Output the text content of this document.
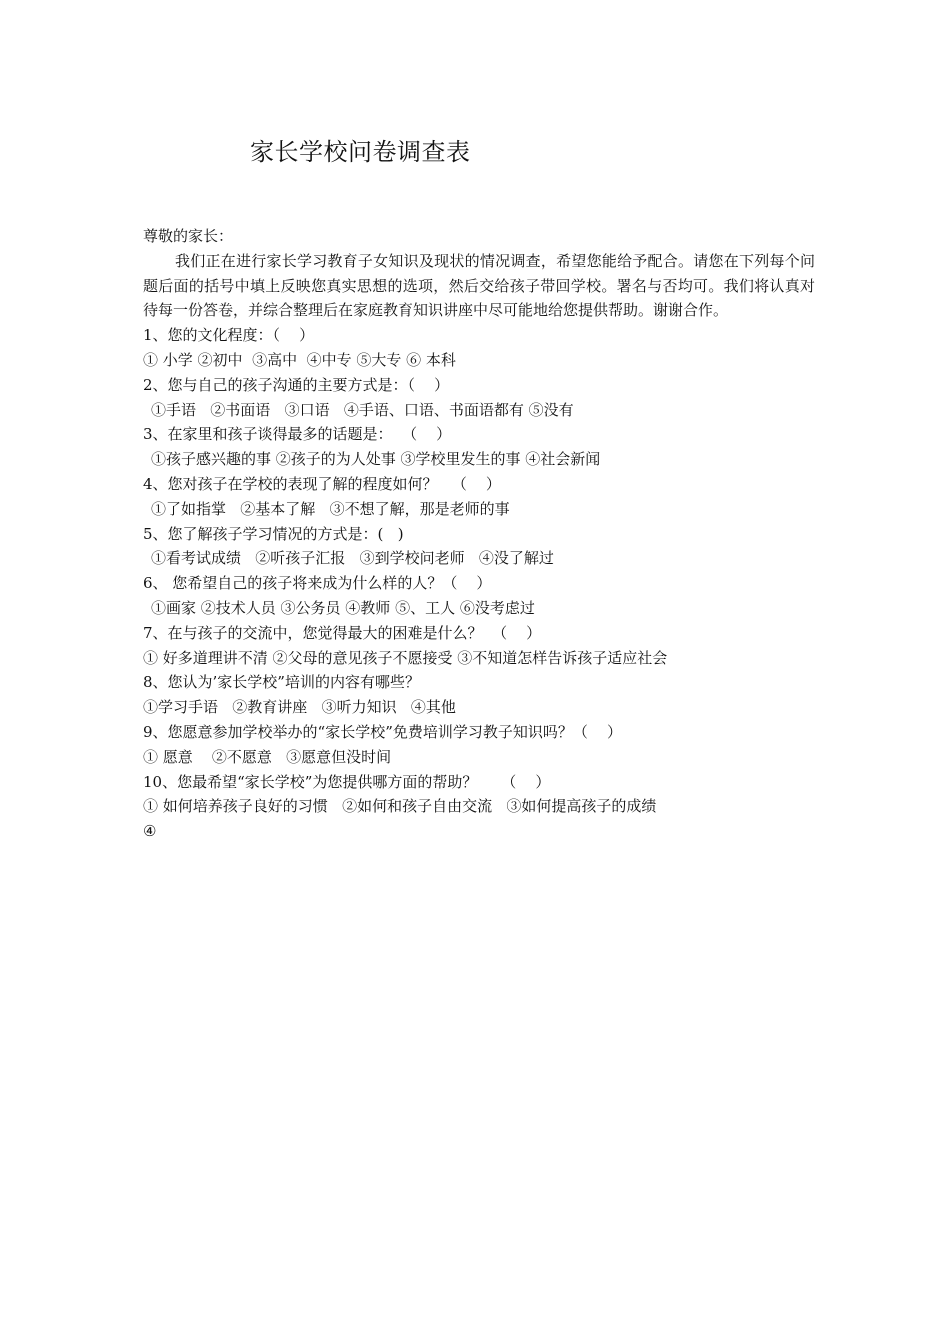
家长学校问卷调查表
尊敬的家长：
我们正在进行家长学习教育子女知识及现状的情况调查，希望您能给予配合。请您在下列每个问题后面的括号中填上反映您真实思想的选项，然后交给孩子带回学校。署名与否均可。我们将认真对待每一份答卷，并综合整理后在家庭教育知识讲座中尽可能地给您提供帮助。谢谢合作。
1、您的文化程度：（    ）
① 小学 ②初中  ③高中  ④中专 ⑤大专 ⑥ 本科
2、您与自己的孩子沟通的主要方式是：（    ）
①手语   ②书面语   ③口语   ④手语、口语、书面语都有 ⑤没有
3、在家里和孩子谈得最多的话题是：  （    ）
①孩子感兴趣的事 ②孩子的为人处事 ③学校里发生的事 ④社会新闻
4、您对孩子在学校的表现了解的程度如何？   （    ）
①了如指掌   ②基本了解   ③不想了解，那是老师的事
5、您了解孩子学习情况的方式是：(   )
①看考试成绩   ②听孩子汇报   ③到学校问老师   ④没了解过
6、 您希望自己的孩子将来成为什么样的人？（    ）
①画家 ②技术人员 ③公务员 ④教师 ⑤、工人 ⑥没考虑过
7、在与孩子的交流中，您觉得最大的困难是什么？  （    ）
① 好多道理讲不清 ②父母的意见孩子不愿接受 ③不知道怎样告诉孩子适应社会
8、您认为’家长学校”培训的内容有哪些？
①学习手语   ②教育讲座   ③听力知识   ④其他
9、您愿意参加学校举办的“家长学校”免费培训学习教子知识吗？（    ）
① 愿意    ②不愿意   ③愿意但没时间
10、您最希望“家长学校”为您提供哪方面的帮助？     （    ）
① 如何培养孩子良好的习惯   ②如何和孩子自由交流   ③如何提高孩子的成绩
④
